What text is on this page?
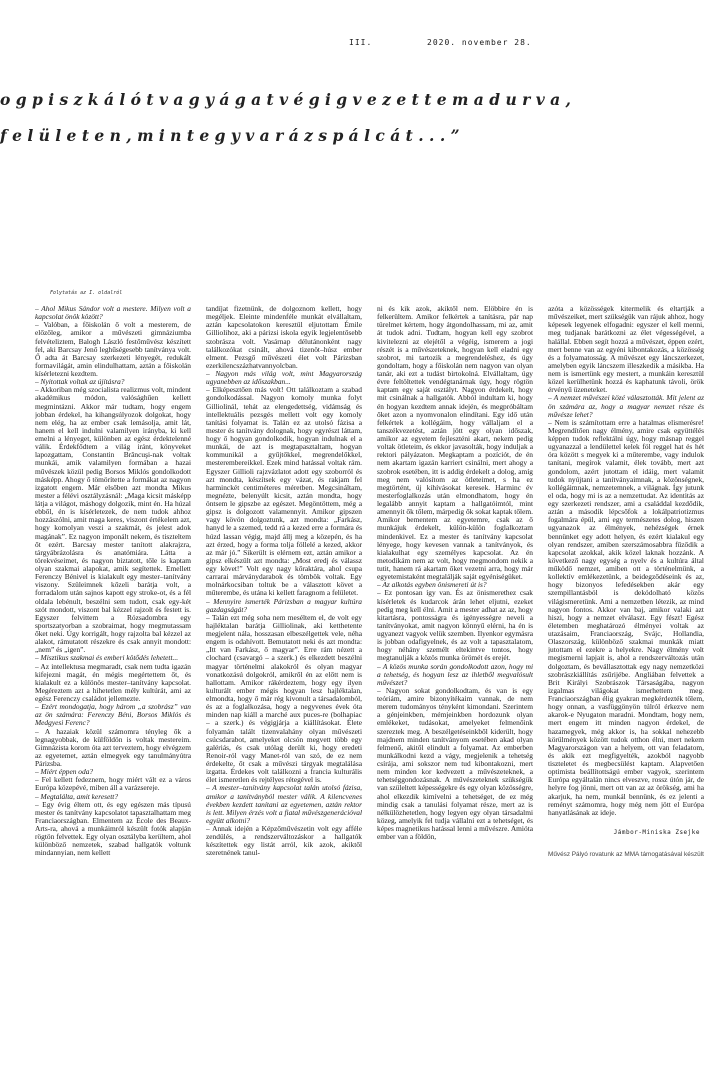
III.	2020. november 28.
o g p i s z k á l ó t v a g y á g a t v é g i g v e z e t t e m a d u r v a ,
f e l ü l e t e n , m i n t e g y v a r á z s p á l c á t . . . ”
Folytatás az I. oldalról

– Ahol Mikus Sándor volt a mestere. Milyen volt a kapcsolat önök között?

– Valóban, a főiskolán ő volt a mesterem, de előzőleg, amikor a művészeti gimnáziumba felvételiztem, Balogh László festőművész készített fel, aki Barcsay Jenő leghűségesebb tanítványa volt. Ő adta át Barcsay szerkezeti lényegét, redukált formavilágát, amin elindulhattam, aztán a főiskolán kísérletezni kezdtem.

– Nyitottak voltak az újításra?

– Akkoriban még szocialista realizmus volt, mindent akadémikus módon, valósághűen kellett megmintázni. Akkor már tudtam, hogy engem jobban érdekel, ha kihangsúlyozok dolgokat, hogy nem elég, ha az ember csak lemásolja, amit lát, hanem el kell indulni valamilyen irányba, ki kell emelni a lényeget, különben az egész érdektelenné válik. Érdekfődtem a világ iránt, könyveket lapozgattam, Constantin Brâncuşi-nak voltak munkái, amik valamilyen formában a hazai művészek közül pedig Borsos Miklós gondolkodott másképp. Ahogy ő tömörítette a formákat az nagyon izgatott engem. Már elsőben azt mondta Mikus mester a félévi osztályzásnál: „Maga kicsit másképp látja a világot, máshogy dolgozik, mint én. Ha húzal ebből, én is kísérletezek, de nem tudok ahhoz hozzászólni, amit maga keres, viszont értékelem azt, hogy komolyan veszi a szakmát, és jelest adok magának”. Ez nagyon imponált nekem, és tiszteltem őt ezért. Barcsay mester tanított alakrajzra, tárgyábrázolásra és anatómiára. Látta a törekvéseimet, és nagyon biztatott, tőle is kaptam olyan szakmai alapokat, amik segítettek. Emellett Ferenczy Bénivel is kialakult egy mester–tanítvány viszony. Szüleimnek kőzeli barátja volt, a forradalom után sajnos kapott egy stroke-ot, és a fél oldala lebénult, beszélni sem tudott, csak egy-két szót mondott, viszont bal kézzel rajzolt és festett is. Egyszer felvittem a Rózsadombra egy sportszatyorban a szobraimat, hogy megmutassam őket neki. Úgy korrigált, hogy rajzolta bal kézzel az alakot, rámutatott részekre és csak annyit mondott: „nem” és „igen”.

– Misztikus szakmai és emberi kötődés lehetett...

– Az intellektusa megmaradt, csak nem tudta igazán kifejezni magát, én mégis megértettem őt, és kialakult ez a különös mester–tanítvány kapcsolat. Megéreztem azt a hihetetlen mély kultúrát, ami az egész Ferenczy családot jellemezte.

– Ezért mondogatja, hogy három „a szobrász” van az ön számára: Ferenczy Béni, Borsos Miklós és Medgyesi Ferenc?

– A hazaiak közül számomra tényleg ők a legnagyobbak, de külföldön is voltak mestereim. Gimnázista korom óta azt terveztem, hogy elvégzem az egyetemet, aztán elmegyek egy tanulmányútra Párizsba.

– Miért éppen oda?

– Fel kellett fedeznem, hogy miért vált ez a város Európa közepévé, miben áll a varázsereje.

– Megtalálta, amit keresett?

– Egy évig éltem ott, és egy egészen más típusú mester és tanítvány kapcsolatot tapasztalhattam meg Franciaországban. Elmentem az École des Beaux-Arts-ra, ahová a munkáimról készült fotók alapján rögtön felvettek. Egy olyan osztályba kerültem, ahol különböző nemzetek, szabad hallgatók voltunk mindannyian, nem kellett

tandíjat fizetnünk, de dolgoznom kellett, hogy megéljek. Eleinte mindenféle munkát elvállaltam, aztán kapcsolatokon keresztül eljutottam Émile Gilliolihoz, aki a párizsi iskola egyik legjelentősebb szobrásza volt. Vasárnap délutánonként nagy találkozókat csinált, ahová tizenöt–húsz ember elment. Pezsgő művészeti élet volt Párizsban ezerkilencszázhatvannyolcban.

– Nagyon más világ volt, mint Magyarország ugyanebben az időszakban...

– Elképesztően más volt! Ott találkoztam a szabad gondolkodással. Nagyon komoly munka folyt Gilliolinál, tehát az elengedettség, vidámság és intellektuális pezsgés mellett volt egy komoly tanítási folyamat is. Talán ez az utolsó fázisa a mester és tanítvány dolognak, hogy egyrészt láttam, hogy ő hogyan gondolkodik, hogyan indulnak el a munkái, de azt is megtapasztaltam, hogyan kommunikál a gyűjtőkkel, megrendelőkkel, mesterembereikkel. Ezek mind hatással voltak rám. Egyszer Gillioli rajzvázlatot adott egy szoborról és azt mondta, készítsek egy vázat, és rakjam fel harminckét centiméteres méretben. Megcsináltam, megnézte, belenyúlt kicsit, aztán mondta, hogy öntsem le gipszbe az egészet. Megöntöttem, még a gipsz is dolgozott valamennyit. Amikor gipszen vagy kövön dolgoztunk, azt mondta: „Farkász, hanyd le a szemed, tedd rá a kezed erre a formára és húzd lassan végig, majd állj meg a közepén, és ha azt érzed, hogy a forma tolja föllelé a kezed, akkor az már jó.” Sikerült is elérnem ezt, aztán amikor a gipsz elkészült azt mondta: „Most eredj és válassz egy követ!” Volt egy nagy kőraktára, ahol csupa carrarai márványdarabok és tömbök voltak. Egy molnárkocsiban toltuk be a választott követ a műterembe, és utána ki kellett faragnom a felületet.

– Mennyire ismerték Párizsban a magyar kultúra gazdagságát?

– Talán ezt még soha nem meséltem el, de volt egy hajléktalan barátja Gilliolinak, aki ketthetente megjelent nála, hosszasan elbeszélgettek vele, néha engem is odahívott. Bemutatott neki és azt mondta: „Itt van Farkász, ő magyar”. Erre rám nézett a clochard (csavargó – a szerk.) és elkezdett beszélni magyar történelmi alakokról és olyan magyar vonatkozású dolgokról, amikről én az előtt nem is hallottam. Amikor rákérdeztem, hogy egy ilyen kulturált ember mégis hogyan lesz hajléktalan, elmondta, hogy ő már rég kivonult a társadalomból, és az a foglalkozása, hogy a negyvenes évek óta minden nap kiáll a marché aux puces-re (bolhapiac – a szerk.) és végigjárja a kiállításokat. Élete folyamán talált tizenvalahány olyan művészeti csúcsdarabot, amelyeket olcsón megvett több egy galériás, és csak utólag derült ki, hogy eredeti Renoir-ról vagy Manet-ról van szó, de ez nem érdekelte, őt csak a művészi tárgyak megtalálása izgatta. Érdekes volt találkozni a francia kulturális élet ismeretlen és rejtélyes rétegével is.

– A mester–tanítvány kapcsolat talán utolsó fázisa, amikor a tanítványból mester válik. A kilencvenes években kezdett tanítani az egyetemen, aztán rektor is lett. Milyen érzés volt a fiatal művészgenerációval együtt alkotni?

– Annak idején a Képzőművészetin volt egy afféle zendülés, a rendszerváltozáskor a hallgatók készítettek egy listát arról, kik azok, akiktől szeretnének tanul-

ni és kik azok, akiktől nem. Elöbbire én is felkerültem. Amikor felkértek a tanításra, pár nap türelmet kértem, hogy átgondolhassam, mi az, amit át tudok adni. Tudtam, hogyan kell egy szobrot kivitelezni az elejétől a végéig, ismerem a jogi részét is a művészeteknek, hogyan kell eladni egy szobrot, mi tartozik a megrendeléshez, és úgy gondoltam, hogy a főiskolán nem nagyon van olyan tanár, aki ezt a tudást birtokolná. Elvállaltam, úgy évre feltöltettek vendégtanárnak úgy, hogy rögtön kaptam egy saját osztályt. Nagyon érdekelt, hogy mit csinálnak a hallgatók. Abból indultam ki, hogy én hogyan kezdtem annak idején, és megpróbáltam őket azon a nyomvonalon elindítani. Egy idő után felkértek a kollégáim, hogy vállaljam el a tanszékvezetést, aztán jött egy olyan időszak, amikor az egyetem fejleszténi akart, nekem pedig voltak ötleteim, és ekkor javasolták, hogy induljak a rektori pályázaton. Megkaptam a pozíciót, de én nem akartam igazán karriert csinálni, mert ahogy a szobrok esetében, itt is addig érdekelt a dolog, amíg meg nem valósítom az ötleteimet, s ha ez megtörtént, új kihívásokat keresek. Harminc év mesterfoglalkozás után elmondhatom, hogy én legalább annyit kaptam a hallgatóimtól, mint amennyit ők tőlem, márpedig ők sokat kaptak tőlem. Amikor bementem az egyetemre, csak az ő munkájuk érdekelt, külön-külön foglalkoztam mindenkivel. Ez a mester és tanítvány kapcsolat lényege, hogy kevesen vannak a tanítványok, és kialakulhat egy személyes kapcsolat. Az én metodikám nem az volt, hogy megmondom nekik a tutit, hanem rá akartam őket vezetni arra, hogy már egyetemistaként megtalálják saját egyéniségüket.

– Az alkotás egyben önismereti út is?

– Ez pontosan így van. És az önismerethez csak kísérletek és kudarcok árán lehet eljutni, ezeket pedig meg kell élni. Amit a mester adhat az az, hogy kitartásra, pontosságra és igényességre neveli a tanítványokat, amit nagyon könnyű elérni, ha én is ugyanezt vagyok velük szemben. Ilyenkor egymásra is jobban odafigyelnek, és az volt a tapasztalatom, hogy néhány személt eltekintve tontos, hogy megtanulják a közös munka örömét és erejét.

– A közös munka során gondolkodott azon, hogy mi a tehetség, és hogyan lesz az ihletből megvalósult művészet?

– Nagyon sokat gondolkodtam, és van is egy teóriám, amire bizonyítékaim vannak, de nem merem tudományos tényként kimondani. Szerintem a génjeinkben, mémjeinkben hordozunk olyan emlékeket, tudásokat, amelyeket felmenőink szereztek meg. A beszélgetéseinkből kiderült, hogy majdnem minden tanítványom esetében akad olyan felmenő, akitől elindult a folyamat. Az emberben munkálkodni kezd a vágy, megjelenik a tehetség csírája, ami sokszor nem tud kibontakozni, mert nem minden kor kedvezett a művészeteknek, a tehetséggondozásnak. A művészeteknek szükségük van szüleltett képességekre és egy olyan közösségre, ahol elkezdik kimívelni a tehetséget, de ez még mindig csak a tanulási folyamat része, mert az is nélkülözhetetlen, hogy legyen egy olyan társadalmi közeg, amelyik fel tudja vállalni ezt a tehetséget, és képes magnetikus hatással lenni a művészre. Amióta ember van a földön,

azóta a közösségek kitermelik és eltartják a művészeiket, mert szükségük van rájuk ahhoz, hogy képesek legyenek elfogadni: egyszer el kell menni, meg tudjanak barátkozni az élet végességével, a halállal. Ebben segít hozzá a művészet, éppen ezért, mert benne van az egyéni kibontakozás, a közösség és a folyamatosság. A művészet egy láncszerkezet, amelyben egyik láncszem illeszkedik a másikba. Ha nem is ismertünk egy mestert, a munkáin keresztül közel kerülhetünk hozzá és kaphatunk távoli, örök érvényű üzeneteket.

– A nemzet művészei közé választották. Mit jelent az ön számára az, hogy a magyar nemzet része és művésze lehet?

– Nem is számítottam erre a hatalmas elismerésre! Megrendítően nagy élmény, amire csak együttélés képpen tudok reflektálni úgy, hogy másnap reggel ugyanazzal a lendülettel kelek föl reggel hat és hét óra között s megyek ki a műterembe, vagy indulok tanítani, megírok valamit, élek tovább, mert azt gondolom, azért jutottam el idáig, mert valamit tudok nyújtani a tanítványaimnak, a közönségnek, kollégáimnak, nemzetemnek, a világnak. Így jutunk el oda, hogy mi is az a nemzettudat. Az identitás az egy szerkezeti rendszer, ami a családdal kezdődik, aztán a második lépcsőfok a lokálpatriotizmus fogalmára épül, ami egy természetes dolog, hiszen ugyanazok az élmények, nehézségek érnek bennünket egy adott helyen, és ezért kialakul egy olyan rendszer, amiben szerszámosabbra fűződik a kapcsolat azokkal, akik közel laknak hozzánk. A következő nagy egység a nyelv és a kultúra által működő nemzet, amiben ott a történelmünk, a kollektív emlékezetünk, a beidegződéseink és az, hogy bizonyos lefedésekben akár egy szempillantásból is dekódolható közös világismeretünk. Ami a nemzetben létezik, az mind nagyon fontos. Akkor van baj, amikor valaki azt hiszi, hogy a nemzet elválaszt. Egy fészt! Egész életemben meghatározó élményei voltak az utazásaim, Franciaország, Svájc, Hollandia, Olaszország, különböző szakmai munkák miatt jutottam el ezekre a helyekre. Nagy élmény volt megismerni lapjait is, ahol a rendszerváltozás után dolgoztam, és bevállasztottak egy nagy nemzetközi szobrászkiállítás zsűrijébe. Angliában felvettek a Brit Királyi Szobrászok Társaságába, nagyon izgalmas világokat ismerhettem meg. Franciaországban élig gyakran megkérdezték tőlem, hogy onnan, a vasfüggönyön túlról érkezve nem akarok-e Nyugaton maradni. Mondtam, hogy nem, mert engem itt minden nagyon érdekel, de hazamegyek, még akkor is, ha sokkal nehezebb körülmények között tudok otthon élni, mert nekem Magyarországon van a helyem, ott van feladatom, és akik ezt megfigyelték, azokból nagyobb tiszteletet és megbecsülést kaptam. Alapvetően optimista beállítottságú ember vagyok, szerintem Európa egyáltalán nincs elveszve, rossz útón jár, de helyre fog jönni, mert ott van az az örökség, ami ha akarjuk, ha nem, munkál bennünk, és ez jelenti a reményt számomra, hogy még nem jött el Európa hanyatlásának az ideje.

Jámbor-Miniska Zsejke
Művész Pályó rovatunk az MMA támogatásával készült
